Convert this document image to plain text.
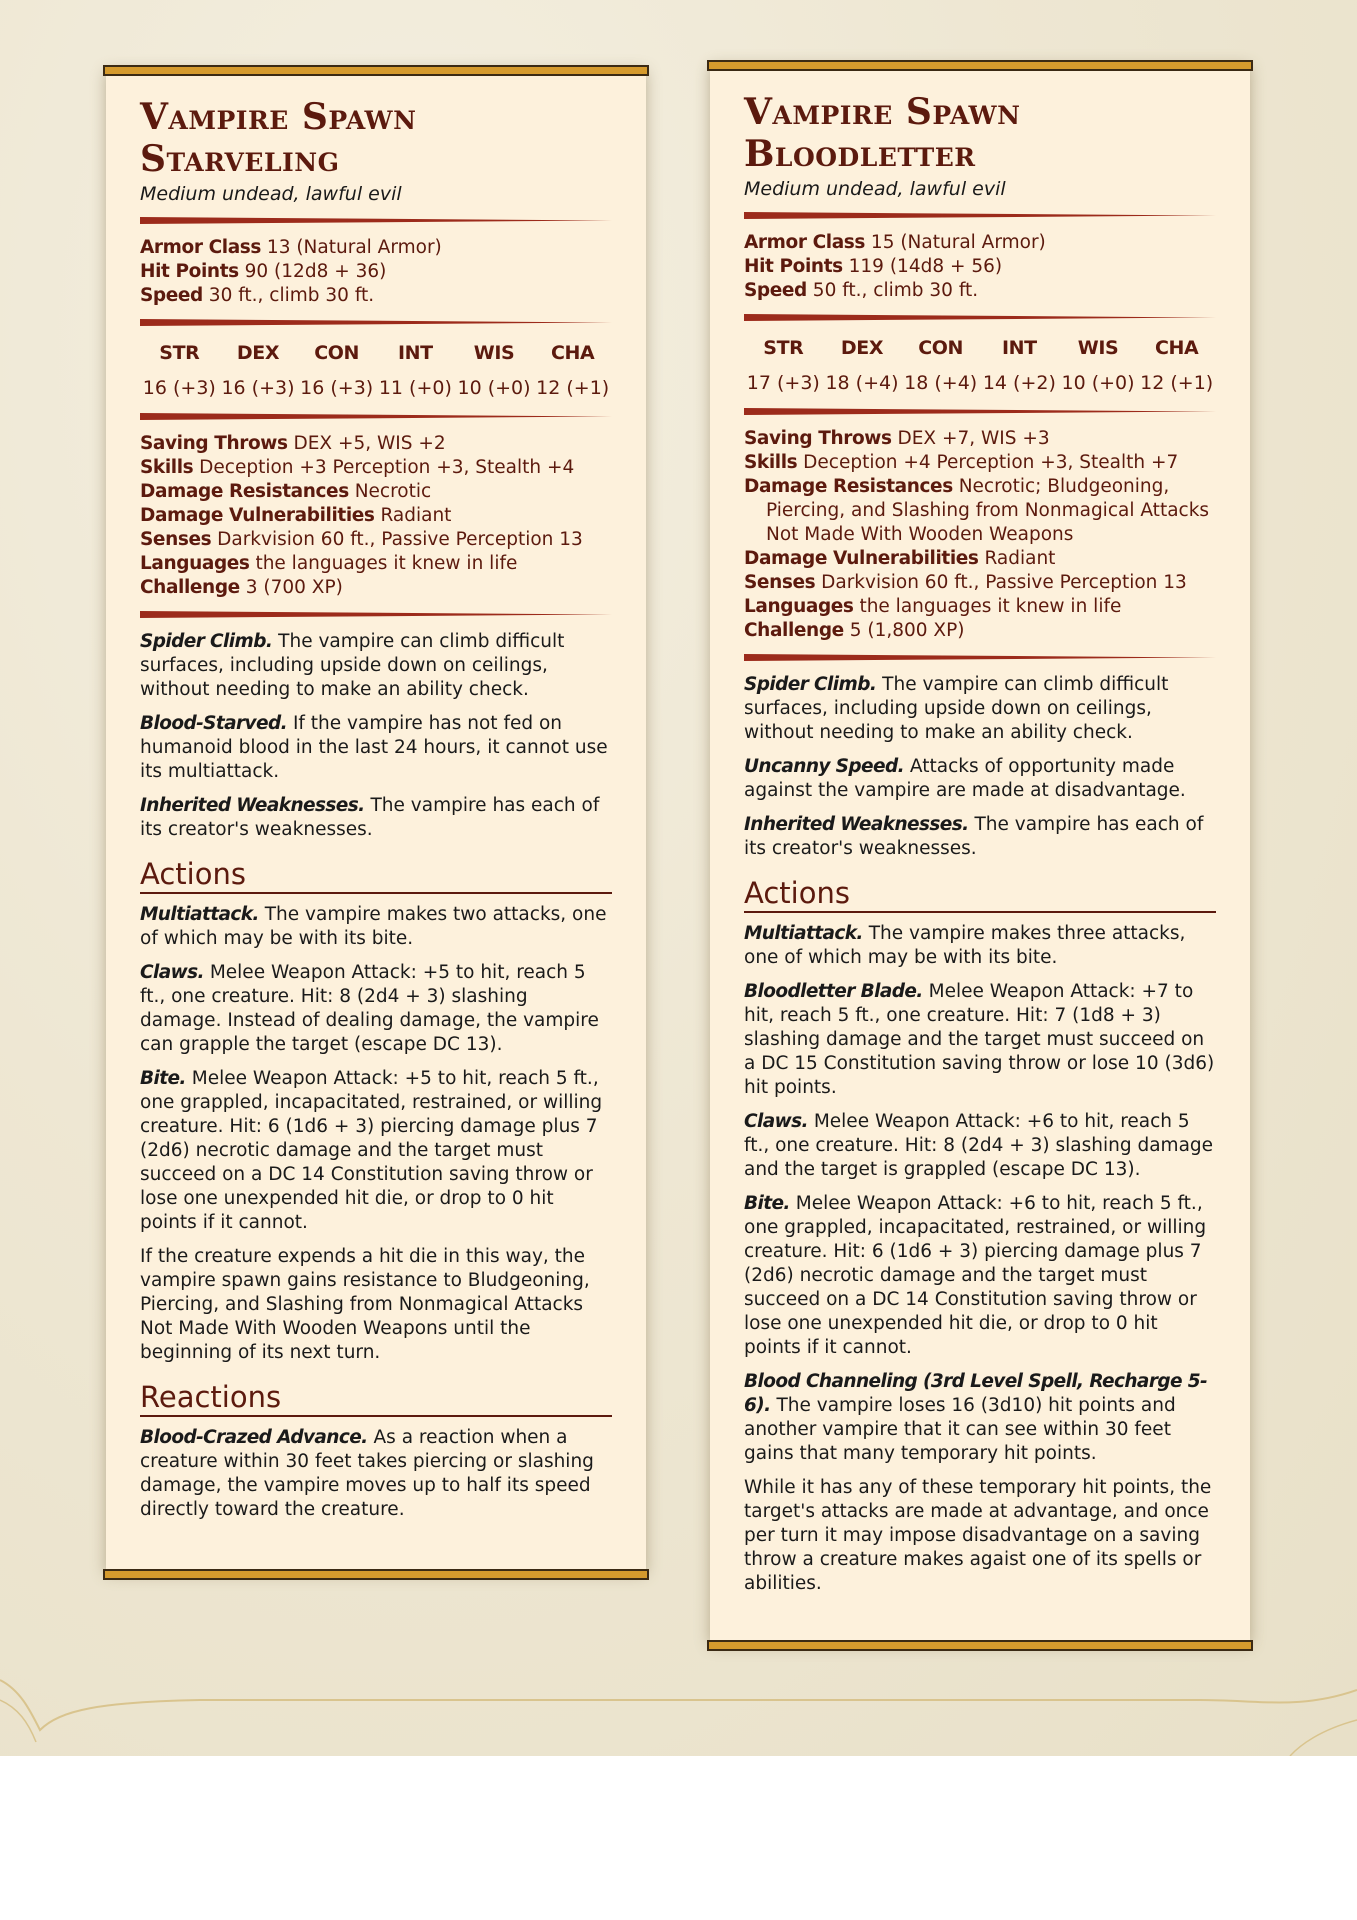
Vampire Spawn
Starveling
Medium undead, lawful evil
Armor Class 13 (Natural Armor)
Hit Points 90 (12d8 + 36)
Speed 30 ft., climb 30 ft.
STR
16 (+3)
DEX
16 (+3)
CON
16 (+3)
INT
11 (+0)
WIS
10 (+0)
CHA
12 (+1)
Saving Throws DEX +5, WIS +2
Skills Deception +3 Perception +3, Stealth +4
Damage Resistances Necrotic
Damage Vulnerabilities Radiant
Senses Darkvision 60 ft., Passive Perception 13
Languages the languages it knew in life
Challenge 3 (700 XP)
Spider Climb. The vampire can climb difficult surfaces, including upside down on ceilings, without needing to make an ability check.
Blood-Starved. If the vampire has not fed on humanoid blood in the last 24 hours, it cannot use its multiattack.
Inherited Weaknesses. The vampire has each of its creator's weaknesses.
Actions
Multiattack. The vampire makes two attacks, one of which may be with its bite.
Claws. Melee Weapon Attack: +5 to hit, reach 5 ft., one creature. Hit: 8 (2d4 + 3) slashing damage. Instead of dealing damage, the vampire can grapple the target (escape DC 13).
Bite. Melee Weapon Attack: +5 to hit, reach 5 ft., one grappled, incapacitated, restrained, or willing creature. Hit: 6 (1d6 + 3) piercing damage plus 7 (2d6) necrotic damage and the target must succeed on a DC 14 Constitution saving throw or lose one unexpended hit die, or drop to 0 hit points if it cannot.
If the creature expends a hit die in this way, the vampire spawn gains resistance to Bludgeoning, Piercing, and Slashing from Nonmagical Attacks Not Made With Wooden Weapons until the beginning of its next turn.
Reactions
Blood-Crazed Advance. As a reaction when a creature within 30 feet takes piercing or slashing damage, the vampire moves up to half its speed directly toward the creature.
Vampire Spawn
Bloodletter
Medium undead, lawful evil
Armor Class 15 (Natural Armor)
Hit Points 119 (14d8 + 56)
Speed 50 ft., climb 30 ft.
STR
17 (+3)
DEX
18 (+4)
CON
18 (+4)
INT
14 (+2)
WIS
10 (+0)
CHA
12 (+1)
Saving Throws DEX +7, WIS +3
Skills Deception +4 Perception +3, Stealth +7
Damage Resistances Necrotic; Bludgeoning, Piercing, and Slashing from Nonmagical Attacks Not Made With Wooden Weapons
Damage Vulnerabilities Radiant
Senses Darkvision 60 ft., Passive Perception 13
Languages the languages it knew in life
Challenge 5 (1,800 XP)
Spider Climb. The vampire can climb difficult surfaces, including upside down on ceilings, without needing to make an ability check.
Uncanny Speed. Attacks of opportunity made against the vampire are made at disadvantage.
Inherited Weaknesses. The vampire has each of its creator's weaknesses.
Actions
Multiattack. The vampire makes three attacks, one of which may be with its bite.
Bloodletter Blade. Melee Weapon Attack: +7 to hit, reach 5 ft., one creature. Hit: 7 (1d8 + 3) slashing damage and the target must succeed on a DC 15 Constitution saving throw or lose 10 (3d6) hit points.
Claws. Melee Weapon Attack: +6 to hit, reach 5 ft., one creature. Hit: 8 (2d4 + 3) slashing damage and the target is grappled (escape DC 13).
Bite. Melee Weapon Attack: +6 to hit, reach 5 ft., one grappled, incapacitated, restrained, or willing creature. Hit: 6 (1d6 + 3) piercing damage plus 7 (2d6) necrotic damage and the target must succeed on a DC 14 Constitution saving throw or lose one unexpended hit die, or drop to 0 hit points if it cannot.
Blood Channeling (3rd Level Spell, Recharge 5-6). The vampire loses 16 (3d10) hit points and another vampire that it can see within 30 feet gains that many temporary hit points.
While it has any of these temporary hit points, the target's attacks are made at advantage, and once per turn it may impose disadvantage on a saving throw a creature makes agaist one of its spells or abilities.
